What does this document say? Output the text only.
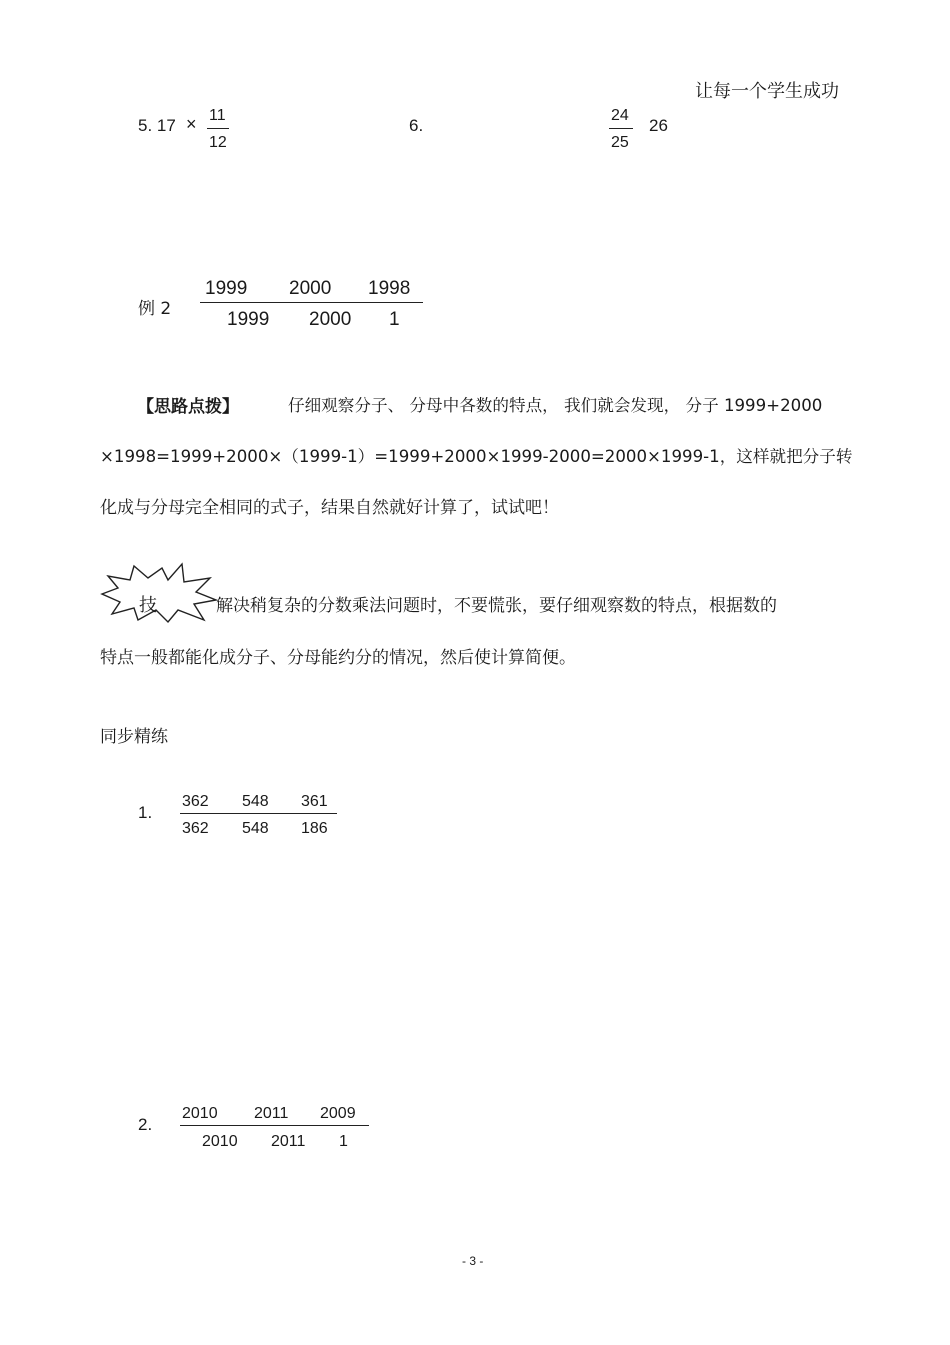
让每一个学生成功
5. 17 × 11
12
6.
24
25
26
例 2
1999 2000 1998
1999 2000 1
【思路点拨】	仔细观察分子、 分母中各数的特点， 我们就会发现， 分子 1999+2000
×1998=1999+2000×（1999-1）=1999+2000×1999-2000=2000×1999-1，这样就把分子转
化成与分母完全相同的式子，结果自然就好计算了，试试吧！
技	解决稍复杂的分数乘法问题时，不要慌张，要仔细观察数的特点，根据数的
特点一般都能化成分子、分母能约分的情况，然后使计算简便。
同步精练
1.
362 548 361
362 548 186
2.
2010 2011 2009
2010 2011 1
- 3 -
